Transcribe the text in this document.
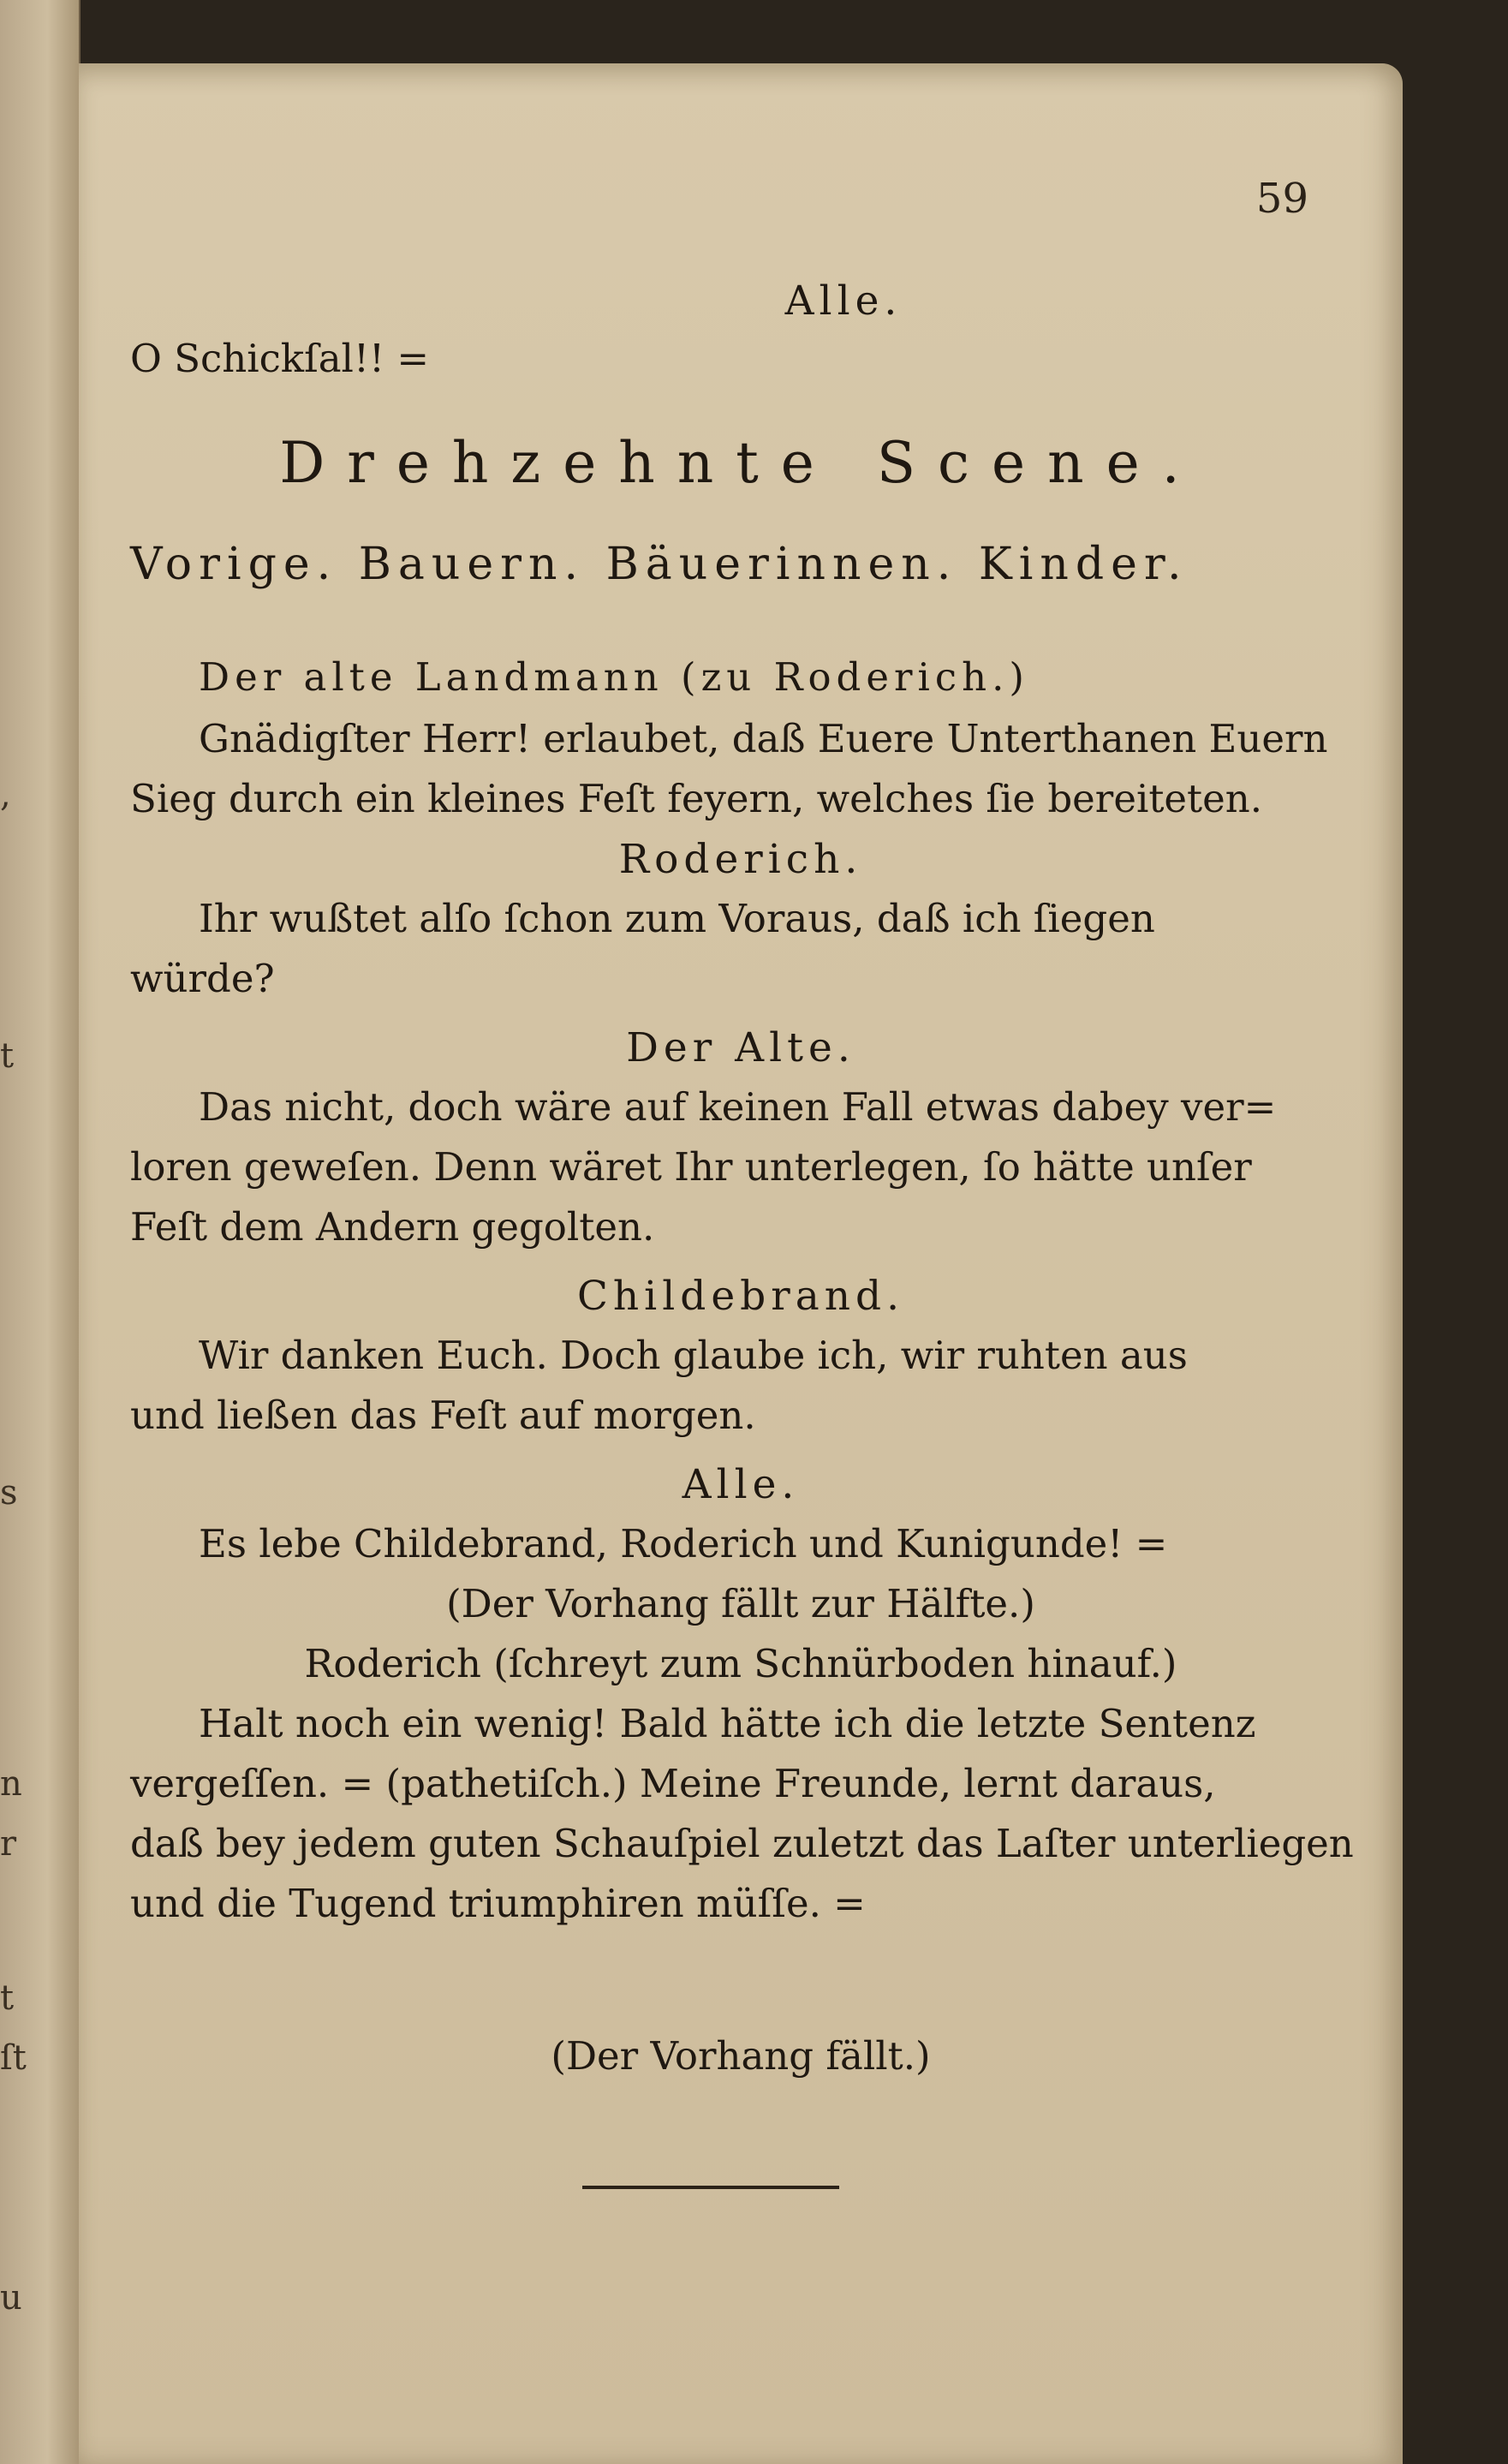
,
t
s
n
r
t
ſt
u
59
Alle.
O Schickſal!! =
Drehzehnte Scene.
Vorige. Bauern. Bäuerinnen. Kinder.
Der alte Landmann (zu Roderich.)
Gnädigſter Herr! erlaubet, daß Euere Unterthanen Euern
Sieg durch ein kleines Feſt feyern, welches ſie bereiteten.
Roderich.
Ihr wußtet alſo ſchon zum Voraus, daß ich ſiegen
würde?
Der Alte.
Das nicht, doch wäre auf keinen Fall etwas dabey ver=
loren geweſen. Denn wäret Ihr unterlegen, ſo hätte unſer
Feſt dem Andern gegolten.
Childebrand.
Wir danken Euch. Doch glaube ich, wir ruhten aus
und ließen das Feſt auf morgen.
Alle.
Es lebe Childebrand, Roderich und Kunigunde! =
(Der Vorhang fällt zur Hälfte.)
Roderich (ſchreyt zum Schnürboden hinauf.)
Halt noch ein wenig! Bald hätte ich die letzte Sentenz
vergeſſen. = (pathetiſch.) Meine Freunde, lernt daraus,
daß bey jedem guten Schauſpiel zuletzt das Laſter unterliegen
und die Tugend triumphiren müſſe. =
(Der Vorhang fällt.)
